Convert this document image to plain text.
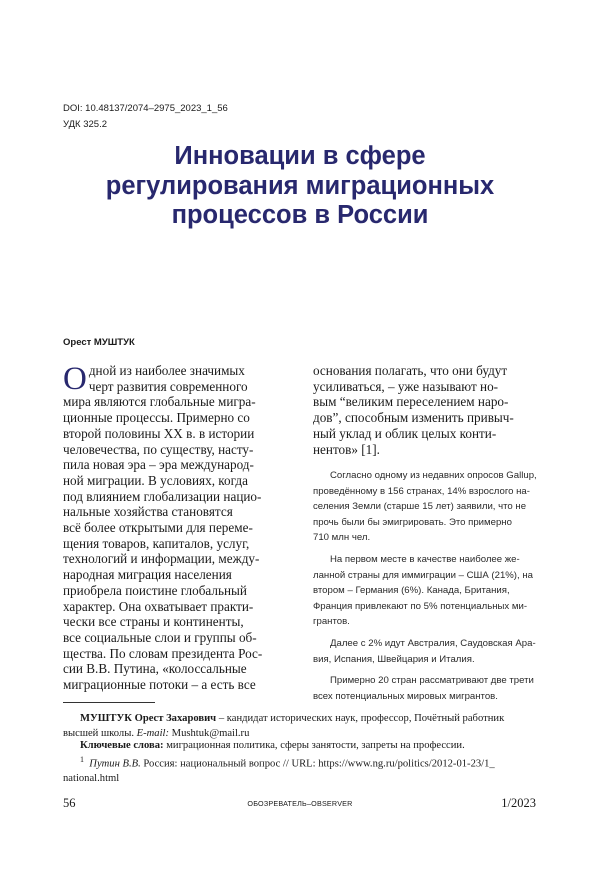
DOI: 10.48137/2074–2975_2023_1_56
УДК 325.2
Инновации в сфере
регулирования миграционных
процессов в России
Орест МУШТУК
О дной из наиболее значимых
черт развития современного
мира являются глобальные мигра-
ционные процессы. Примерно со
второй половины XX в. в истории
человечества, по существу, насту-
пила новая эра – эра международ-
ной миграции. В условиях, когда
под влиянием глобализации нацио-
нальные хозяйства становятся
всё более открытыми для переме-
щения товаров, капиталов, услуг,
технологий и информации, между-
народная миграция населения
приобрела поистине глобальный
характер. Она охватывает практи-
чески все страны и континенты,
все социальные слои и группы об-
щества. По словам президента Рос-
сии В.В. Путина, «колоссальные
миграционные потоки – а есть все
основания полагать, что они будут
усиливаться, – уже называют но-
вым “великим переселением наро-
дов”, способным изменить привыч-
ный уклад и облик целых конти-
нентов» [1].
Согласно одному из недавних опросов Gallup,
проведённому в 156 странах, 14% взрослого на-
селения Земли (старше 15 лет) заявили, что не
прочь были бы эмигрировать. Это примерно
710 млн чел.
На первом месте в качестве наиболее же-
ланной страны для иммиграции – США (21%), на
втором – Германия (6%). Канада, Британия,
Франция привлекают по 5% потенциальных ми-
грантов.
Далее с 2% идут Австралия, Саудовская Ара-
вия, Испания, Швейцария и Италия.
Примерно 20 стран рассматривают две трети
всех потенциальных мировых мигрантов.
МУШТУК Орест Захарович – кандидат исторических наук, профессор, Почётный работник
высшей школы. E-mail: Mushtuk@mail.ru
Ключевые слова: миграционная политика, сферы занятости, запреты на профессии.
$^1$ Путин В.В. Россия: национальный вопрос // URL: https://www.ng.ru/politics/2012-01-23/1_
national.html
56	ОБОЗРЕВАТЕЛЬ–OBSERVER	1/2023
